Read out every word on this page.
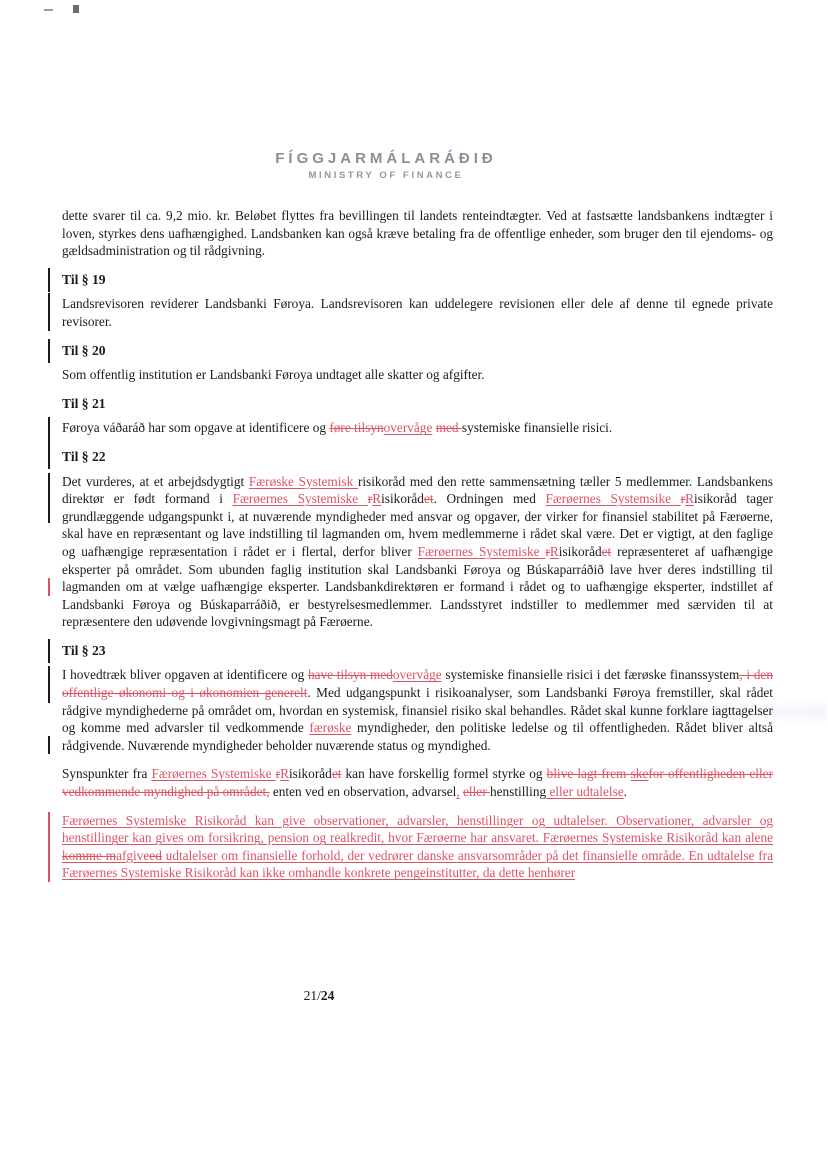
FÍGGJARMÁLARÁÐIÐ
MINISTRY OF FINANCE
dette svarer til ca. 9,2 mio. kr. Beløbet flyttes fra bevillingen til landets renteindtægter. Ved at fastsætte landsbankens indtægter i loven, styrkes dens uafhængighed. Landsbanken kan også kræve betaling fra de offentlige enheder, som bruger den til ejendoms- og gældsadministration og til rådgivning.
Til § 19
Landsrevisoren reviderer Landsbanki Føroya. Landsrevisoren kan uddelegere revisionen eller dele af denne til egnede private revisorer.
Til § 20
Som offentlig institution er Landsbanki Føroya undtaget alle skatter og afgifter.
Til § 21
Føroya váðaráð har som opgave at identificere og føre tilsynovervåge med systemiske finansielle risici.
Til § 22
Det vurderes, at et arbejdsdygtigt Færøske Systemisk risikoråd med den rette sammensætning tæller 5 medlemmer. Landsbankens direktør er født formand i Færøernes Systemiske rRisikorådet. Ordningen med Færøernes Systemsike rRisikoråd tager grundlæggende udgangspunkt i, at nuværende myndigheder med ansvar og opgaver, der virker for finansiel stabilitet på Færøerne, skal have en repræsentant og lave indstilling til lagmanden om, hvem medlemmerne i rådet skal være. Det er vigtigt, at den faglige og uafhængige repræsentation i rådet er i flertal, derfor bliver Færøernes Systemiske rRisikorådet repræsenteret af uafhængige eksperter på området. Som ubunden faglig institution skal Landsbanki Føroya og Búskaparráðið lave hver deres indstilling til lagmanden om at vælge uafhængige eksperter. Landsbankdirektøren er formand i rådet og to uafhængige eksperter, indstillet af Landsbanki Føroya og Búskaparráðið, er bestyrelsesmedlemmer. Landsstyret indstiller to medlemmer med særviden til at repræsentere den udøvende lovgivningsmagt på Færøerne.
Til § 23
I hovedtræk bliver opgaven at identificere og have tilsyn medovervåge systemiske finansielle risici i det færøske finanssystem, i den offentlige økonomi og i økonomien generelt. Med udgangspunkt i risikoanalyser, som Landsbanki Føroya fremstiller, skal rådet rådgive myndighederne på området om, hvordan en systemisk, finansiel risiko skal behandles. Rådet skal kunne forklare iagttagelser og komme med advarsler til vedkommende færøske myndigheder, den politiske ledelse og til offentligheden. Rådet bliver altså rådgivende. Nuværende myndigheder beholder nuværende status og myndighed.
Synspunkter fra Færøernes Systemiske rRisikorådet kan have forskellig formel styrke og blive lagt frem skefor offentligheden eller vedkommende myndighed på området, enten ved en observation, advarsel, eller henstilling eller udtalelse.
Færøernes Systemiske Risikoråd kan give observationer, advarsler, henstillinger og udtalelser. Observationer, advarsler og henstillinger kan gives om forsikring, pension og realkredit, hvor Færøerne har ansvaret. Færøernes Systemiske Risikoråd kan alene komme mafgiveed udtalelser om finansielle forhold, der vedrører danske ansvarsområder på det finansielle område. En udtalelse fra Færøernes Systemiske Risikoråd kan ikke omhandle konkrete pengeinstitutter, da dette henhører
21/24
